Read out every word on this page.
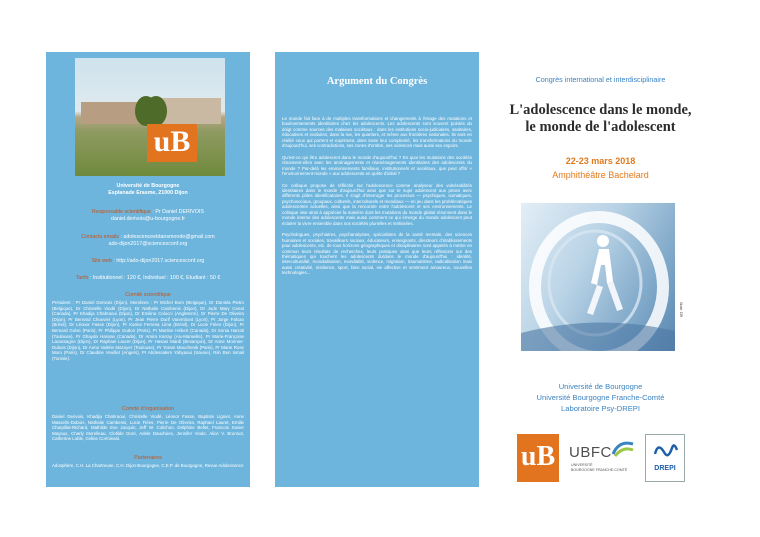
uB
Université de Bourgogne
Esplanade Erasme, 21000 Dijon
Responsable scientifique : Pr Daniel DERIVOIS
daniel.derivois@u-bourgogne.fr
Contacts emails : adolescenceetdansmonde@gmail.com
ado-dijon2017@sciencesconf.org
Site web : http://ado-dijon2017.sciencesconf.org
Tarifs : Institutionnel : 120 €, Individuel : 100 €, Etudiant : 50 €
Comité scientifique
Président : Pr Daniel Derivois (Dijon). Membres : Pr Michel Born (Belgique), Dr Daniela Pietro (Belgique), Dr Christelle Viodé (Dijon), Dr Nathalie Cambenis (Dijon), Dr Jude Mary Cenat (Canada), Pr Khadija Chahraoui (Dijon), Dr Emilina Colucci (Angleterre), Dr Pierre De Oliveira (Dijon), Pr Bernard Chouvier (Lyon), Pr Jean Pierre Durif Varembont (Lyon), Pr Jorge Falcao (Brésil), Dr Léonor Fasse (Dijon), Pr Karine Ferreira Lima (Brésil), Dr Lucie Fiées (Dijon), Pr Bernard Golse (Paris), Pr Philippe Gutton (Paris), Pr Martine Hébert (Canada), Dr Sonia Harrati (Toulouse), Pr Ghayda Hassan (Canada), Dr Amira Karray (Aix-Marseille), Pr Marie-Françoise Lacassagne (Dijon), Dr Raphael Lauret (Dijon), Pr Hasani Mardi (Besançon), Dr Anne Monnier-Dubois (Dijon), Dr Anne Valérie Mazoyer (Toulouse), Pr Yoram Mouchenik (Paris), Pr Marie Rose Moro (Paris), Dr Claudine Veuillet (Angers), Pr Abdessalem Yahyaoui (Savoie), Riin Ben Ismail (Tunisie).
Comité d'organisation
Daniel Derivois, Khadija Chahraoui, Christelle Viodé, Léonor Fasse, Baptiste Lignier, Anne Masselin-Dubois, Nathalie Cambenis, Lucie Fiées, Pierre De Oliveira, Raphael Lauret, Emilie Charpillat-Richard, Mathilde Eve Jacquin, Jeff W. Colichon, Delphine Bellet, Francois Xavier Mayaux, Charly Morelleau, Clotilde Doré, Adele Dauchiere, Jennifer Viode, Alice V. Brunnot, Catherine Loble, Celine Corminani.
Partenaires
Adosphère, C.H. La Chartreuse, C.H. Dijon-Bourgogne, C.E.P. de Bourgogne, Revue Adolescence
Argument du Congrès

Le monde fait face à de multiples transformations et changements à l'image des mutations et bouleversements identitaires chez les adolescents. Les adolescents sont souvent pointés du doigt comme sources des malaises sociétaux : dans les institutions socio-judiciaires, sanitaires, éducatives et scolaires, dans la rue, les quartiers, et même aux frontières nationales. Ils sont en réalité ceux qui portent et expriment, dans toute leur complexité, les transformations du monde d'aujourd'hui, ses contradictions, ses zones d'ombre, ses violences mais aussi ses espoirs.

Qu'est-ce qui être adolescent dans le monde d'aujourd'hui ? En quoi les mutations des sociétés résonnent-elles avec les aménagements et réaménagements identitaires des adolescents du monde ? Par-delà les environnements familiaux, institutionnels et sociétaux, que peut offrir « l'environnement-monde » aux adolescents en quête d'idéal ?

Ce colloque propose de réfléchir sur l'adolescence comme analyseur des vulnérabilités identitaires dans le monde d'aujourd'hui ainsi que sur le sujet adolescent aux prises avec différents pôles identificatoires. Il s'agit d'interroger les processus — psychiques, somatiques, psychosociaux, groupaux, culturels, interculturels et mondiaux — en jeu dans les problématiques adolescentes actuelles, ainsi que la rencontre entre l'adolescent et ses environnements. Le colloque vise ainsi à apprécier la manière dont les mutations du monde global résonnent dans le monde interne des adolescents mais aussi comment ce qui émerge du monde adolescent peut éclairer la vivre ensemble dans nos sociétés plurielles et métissées.

Psychologues, psychiatres, psychanalystes, spécialistes de la santé mentale, des sciences humaines et sociales, travailleurs sociaux, éducateurs, enseignants, directeurs d'établissements pour adolescents, etc. de tous horizons géographiques et disciplinaires sont appelés à mettre en commun leurs résultats de recherches, leurs pratiques ainsi que leurs réflexions sur des thématiques qui touchent les adolescents du/dans le monde d'aujourd'hui : identité, interculturalité, mondialisation, mondialité, violence, migration, traumatisme, radicalisation mais aussi créativité, résilience, sport, bien social, vie affective et sentiment amoureux, nouvelles technologies...

Congrès international et interdisciplinaire
L'adolescence dans le monde,
le monde de l'adolescent
22-23 mars 2018
Amphithéâtre Bachelard
Illustr. DR
Université de Bourgogne
Université Bourgogne Franche-Comté
Laboratoire Psy-DREPI
uB UBFC
UNIVERSITÉ
BOURGOGNE FRANCHE-COMTÉ	DREPI
